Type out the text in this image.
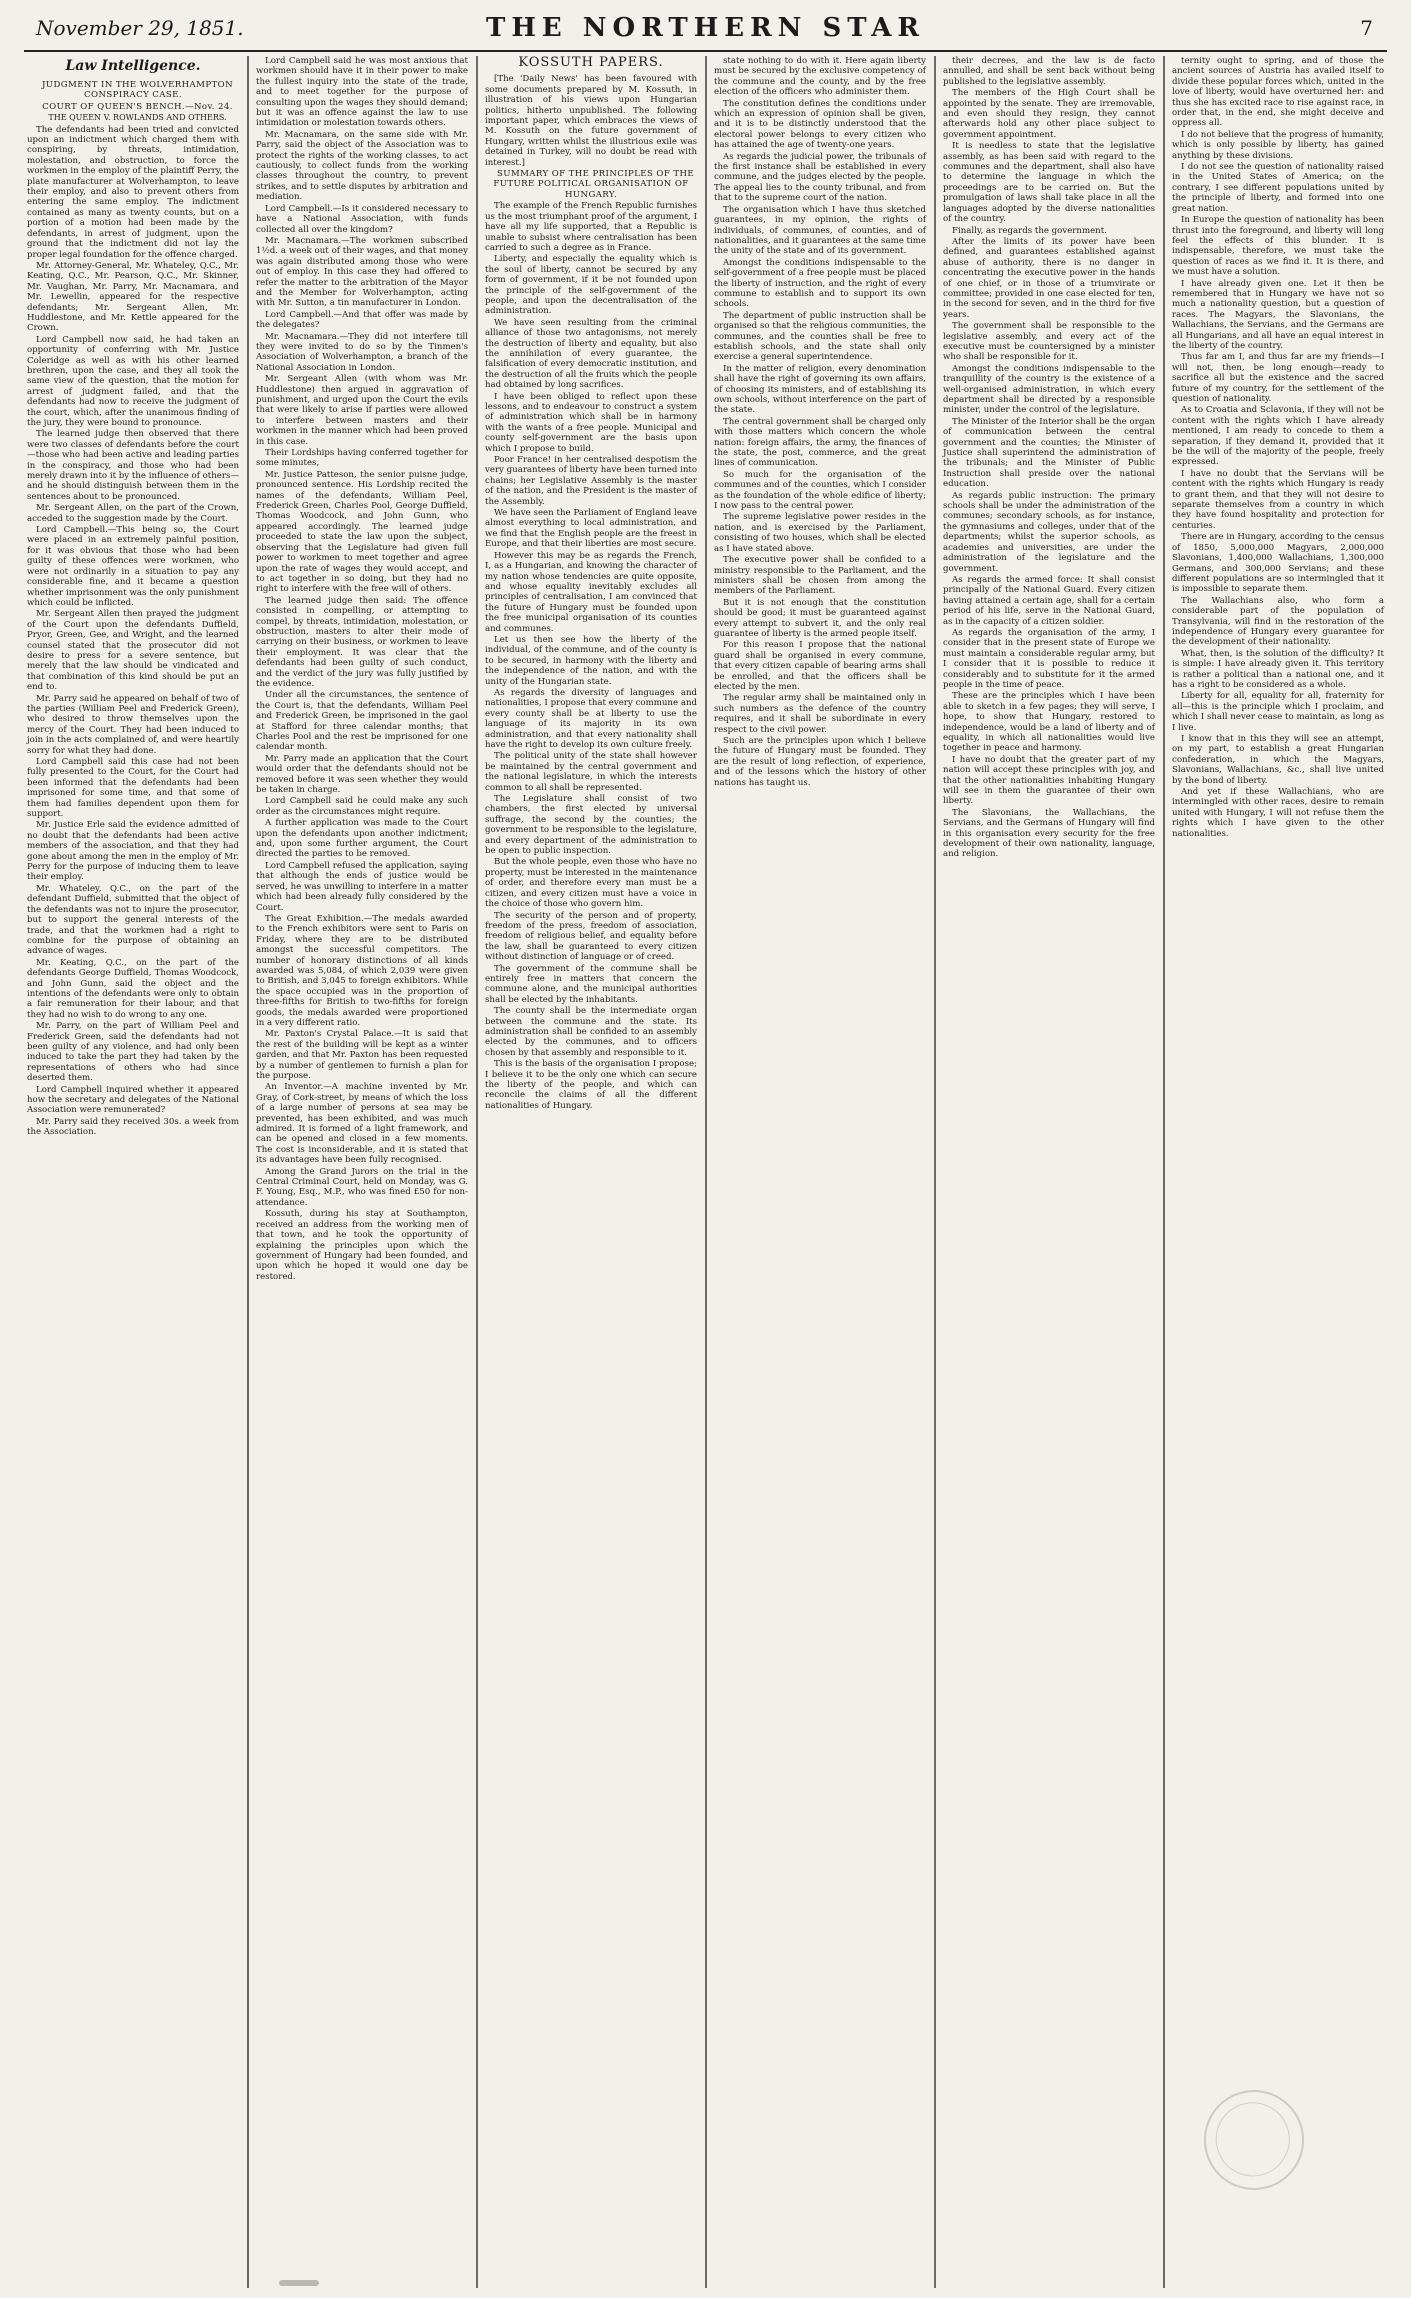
November 29, 1851.	THE NORTHERN STAR	7
Law Intelligence.

JUDGMENT IN THE WOLVERHAMPTON CONSPIRACY CASE.

COURT OF QUEEN'S BENCH.—Nov. 24.

THE QUEEN V. ROWLANDS AND OTHERS.

The defendants had been tried and convicted upon an indictment which charged them with conspiring, by threats, intimidation, molestation, and obstruction, to force the workmen in the employ of the plaintiff Perry, the plate manufacturer at Wolverhampton, to leave their employ, and also to prevent others from entering the same employ. The indictment contained as many as twenty counts, but on a portion of a motion had been made by the defendants, in arrest of judgment, upon the ground that the indictment did not lay the proper legal foundation for the offence charged.

Mr. Attorney-General, Mr. Whateley, Q.C., Mr. Keating, Q.C., Mr. Pearson, Q.C., Mr. Skinner, Mr. Vaughan, Mr. Parry, Mr. Macnamara, and Mr. Lewellin, appeared for the respective defendants; Mr. Sergeant Allen, Mr. Huddlestone, and Mr. Kettle appeared for the Crown.

Lord Campbell now said, he had taken an opportunity of conferring with Mr. Justice Coleridge as well as with his other learned brethren, upon the case, and they all took the same view of the question, that the motion for arrest of judgment failed, and that the defendants had now to receive the judgment of the court, which, after the unanimous finding of the jury, they were bound to pronounce.

The learned judge then observed that there were two classes of defendants before the court—those who had been active and leading parties in the conspiracy, and those who had been merely drawn into it by the influence of others—and he should distinguish between them in the sentences about to be pronounced.

Mr. Sergeant Allen, on the part of the Crown, acceded to the suggestion made by the Court.

Lord Campbell.—This being so, the Court were placed in an extremely painful position, for it was obvious that those who had been guilty of these offences were workmen, who were not ordinarily in a situation to pay any considerable fine, and it became a question whether imprisonment was the only punishment which could be inflicted.

Mr. Sergeant Allen then prayed the judgment of the Court upon the defendants Duffield, Pryor, Green, Gee, and Wright, and the learned counsel stated that the prosecutor did not desire to press for a severe sentence, but merely that the law should be vindicated and that combination of this kind should be put an end to.

Mr. Parry said he appeared on behalf of two of the parties (William Peel and Frederick Green), who desired to throw themselves upon the mercy of the Court. They had been induced to join in the acts complained of, and were heartily sorry for what they had done.

Lord Campbell said this case had not been fully presented to the Court, for the Court had been informed that the defendants had been imprisoned for some time, and that some of them had families dependent upon them for support.

Mr. Justice Erle said the evidence admitted of no doubt that the defendants had been active members of the association, and that they had gone about among the men in the employ of Mr. Perry for the purpose of inducing them to leave their employ.

Mr. Whateley, Q.C., on the part of the defendant Duffield, submitted that the object of the defendants was not to injure the prosecutor, but to support the general interests of the trade, and that the workmen had a right to combine for the purpose of obtaining an advance of wages.

Mr. Keating, Q.C., on the part of the defendants George Duffield, Thomas Woodcock, and John Gunn, said the object and the intentions of the defendants were only to obtain a fair remuneration for their labour, and that they had no wish to do wrong to any one.

Mr. Parry, on the part of William Peel and Frederick Green, said the defendants had not been guilty of any violence, and had only been induced to take the part they had taken by the representations of others who had since deserted them.

Lord Campbell inquired whether it appeared how the secretary and delegates of the National Association were remunerated?

Mr. Parry said they received 30s. a week from the Association.

Lord Campbell said he was most anxious that workmen should have it in their power to make the fullest inquiry into the state of the trade, and to meet together for the purpose of consulting upon the wages they should demand; but it was an offence against the law to use intimidation or molestation towards others.

Mr. Macnamara, on the same side with Mr. Parry, said the object of the Association was to protect the rights of the working classes, to act cautiously, to collect funds from the working classes throughout the country, to prevent strikes, and to settle disputes by arbitration and mediation.

Lord Campbell.—Is it considered necessary to have a National Association, with funds collected all over the kingdom?

Mr. Macnamara.—The workmen subscribed 1½d. a week out of their wages, and that money was again distributed among those who were out of employ. In this case they had offered to refer the matter to the arbitration of the Mayor and the Member for Wolverhampton, acting with Mr. Sutton, a tin manufacturer in London.

Lord Campbell.—And that offer was made by the delegates?

Mr. Macnamara.—They did not interfere till they were invited to do so by the Tinmen's Association of Wolverhampton, a branch of the National Association in London.

Mr. Sergeant Allen (with whom was Mr. Huddlestone) then argued in aggravation of punishment, and urged upon the Court the evils that were likely to arise if parties were allowed to interfere between masters and their workmen in the manner which had been proved in this case.

Their Lordships having conferred together for some minutes,

Mr. Justice Patteson, the senior puisne judge, pronounced sentence. His Lordship recited the names of the defendants, William Peel, Frederick Green, Charles Pool, George Duffield, Thomas Woodcock, and John Gunn, who appeared accordingly. The learned judge proceeded to state the law upon the subject, observing that the Legislature had given full power to workmen to meet together and agree upon the rate of wages they would accept, and to act together in so doing, but they had no right to interfere with the free will of others.

The learned judge then said: The offence consisted in compelling, or attempting to compel, by threats, intimidation, molestation, or obstruction, masters to alter their mode of carrying on their business, or workmen to leave their employment. It was clear that the defendants had been guilty of such conduct, and the verdict of the jury was fully justified by the evidence.

Under all the circumstances, the sentence of the Court is, that the defendants, William Peel and Frederick Green, be imprisoned in the gaol at Stafford for three calendar months; that Charles Pool and the rest be imprisoned for one calendar month.

Mr. Parry made an application that the Court would order that the defendants should not be removed before it was seen whether they would be taken in charge.

Lord Campbell said he could make any such order as the circumstances might require.

A further application was made to the Court upon the defendants upon another indictment; and, upon some further argument, the Court directed the parties to be removed.

Lord Campbell refused the application, saying that although the ends of justice would be served, he was unwilling to interfere in a matter which had been already fully considered by the Court.

The Great Exhibition.—The medals awarded to the French exhibitors were sent to Paris on Friday, where they are to be distributed amongst the successful competitors. The number of honorary distinctions of all kinds awarded was 5,084, of which 2,039 were given to British, and 3,045 to foreign exhibitors. While the space occupied was in the proportion of three-fifths for British to two-fifths for foreign goods, the medals awarded were proportioned in a very different ratio.

Mr. Paxton's Crystal Palace.—It is said that the rest of the building will be kept as a winter garden, and that Mr. Paxton has been requested by a number of gentlemen to furnish a plan for the purpose.

An Inventor.—A machine invented by Mr. Gray, of Cork-street, by means of which the loss of a large number of persons at sea may be prevented, has been exhibited, and was much admired. It is formed of a light framework, and can be opened and closed in a few moments. The cost is inconsiderable, and it is stated that its advantages have been fully recognised.

Among the Grand Jurors on the trial in the Central Criminal Court, held on Monday, was G. F. Young, Esq., M.P., who was fined £50 for non-attendance.

Kossuth, during his stay at Southampton, received an address from the working men of that town, and he took the opportunity of explaining the principles upon which the government of Hungary had been founded, and upon which he hoped it would one day be restored.

KOSSUTH PAPERS.

[The 'Daily News' has been favoured with some documents prepared by M. Kossuth, in illustration of his views upon Hungarian politics, hitherto unpublished. The following important paper, which embraces the views of M. Kossuth on the future government of Hungary, written whilst the illustrious exile was detained in Turkey, will no doubt be read with interest.]

SUMMARY OF THE PRINCIPLES OF THE FUTURE POLITICAL ORGANISATION OF HUNGARY.

The example of the French Republic furnishes us the most triumphant proof of the argument, I have all my life supported, that a Republic is unable to subsist where centralisation has been carried to such a degree as in France.

Liberty, and especially the equality which is the soul of liberty, cannot be secured by any form of government, if it be not founded upon the principle of the self-government of the people, and upon the decentralisation of the administration.

We have seen resulting from the criminal alliance of those two antagonisms, not merely the destruction of liberty and equality, but also the annihilation of every guarantee, the falsification of every democratic institution, and the destruction of all the fruits which the people had obtained by long sacrifices.

I have been obliged to reflect upon these lessons, and to endeavour to construct a system of administration which shall be in harmony with the wants of a free people. Municipal and county self-government are the basis upon which I propose to build.

Poor France! in her centralised despotism the very guarantees of liberty have been turned into chains; her Legislative Assembly is the master of the nation, and the President is the master of the Assembly.

We have seen the Parliament of England leave almost everything to local administration, and we find that the English people are the freest in Europe, and that their liberties are most secure.

However this may be as regards the French, I, as a Hungarian, and knowing the character of my nation whose tendencies are quite opposite, and whose equality inevitably excludes all principles of centralisation, I am convinced that the future of Hungary must be founded upon the free municipal organisation of its counties and communes.

Let us then see how the liberty of the individual, of the commune, and of the county is to be secured, in harmony with the liberty and the independence of the nation, and with the unity of the Hungarian state.

As regards the diversity of languages and nationalities, I propose that every commune and every county shall be at liberty to use the language of its majority in its own administration, and that every nationality shall have the right to develop its own culture freely.

The political unity of the state shall however be maintained by the central government and the national legislature, in which the interests common to all shall be represented.

The Legislature shall consist of two chambers, the first elected by universal suffrage, the second by the counties; the government to be responsible to the legislature, and every department of the administration to be open to public inspection.

But the whole people, even those who have no property, must be interested in the maintenance of order, and therefore every man must be a citizen, and every citizen must have a voice in the choice of those who govern him.

The security of the person and of property, freedom of the press, freedom of association, freedom of religious belief, and equality before the law, shall be guaranteed to every citizen without distinction of language or of creed.

The government of the commune shall be entirely free in matters that concern the commune alone, and the municipal authorities shall be elected by the inhabitants.

The county shall be the intermediate organ between the commune and the state. Its administration shall be confided to an assembly elected by the communes, and to officers chosen by that assembly and responsible to it.

This is the basis of the organisation I propose; I believe it to be the only one which can secure the liberty of the people, and which can reconcile the claims of all the different nationalities of Hungary.

state nothing to do with it. Here again liberty must be secured by the exclusive competency of the commune and the county, and by the free election of the officers who administer them.

The constitution defines the conditions under which an expression of opinion shall be given, and it is to be distinctly understood that the electoral power belongs to every citizen who has attained the age of twenty-one years.

As regards the judicial power, the tribunals of the first instance shall be established in every commune, and the judges elected by the people. The appeal lies to the county tribunal, and from that to the supreme court of the nation.

The organisation which I have thus sketched guarantees, in my opinion, the rights of individuals, of communes, of counties, and of nationalities, and it guarantees at the same time the unity of the state and of its government.

Amongst the conditions indispensable to the self-government of a free people must be placed the liberty of instruction, and the right of every commune to establish and to support its own schools.

The department of public instruction shall be organised so that the religious communities, the communes, and the counties shall be free to establish schools, and the state shall only exercise a general superintendence.

In the matter of religion, every denomination shall have the right of governing its own affairs, of choosing its ministers, and of establishing its own schools, without interference on the part of the state.

The central government shall be charged only with those matters which concern the whole nation: foreign affairs, the army, the finances of the state, the post, commerce, and the great lines of communication.

So much for the organisation of the communes and of the counties, which I consider as the foundation of the whole edifice of liberty; I now pass to the central power.

The supreme legislative power resides in the nation, and is exercised by the Parliament, consisting of two houses, which shall be elected as I have stated above.

The executive power shall be confided to a ministry responsible to the Parliament, and the ministers shall be chosen from among the members of the Parliament.

But it is not enough that the constitution should be good; it must be guaranteed against every attempt to subvert it, and the only real guarantee of liberty is the armed people itself.

For this reason I propose that the national guard shall be organised in every commune, that every citizen capable of bearing arms shall be enrolled, and that the officers shall be elected by the men.

The regular army shall be maintained only in such numbers as the defence of the country requires, and it shall be subordinate in every respect to the civil power.

Such are the principles upon which I believe the future of Hungary must be founded. They are the result of long reflection, of experience, and of the lessons which the history of other nations has taught us.

their decrees, and the law is de facto annulled, and shall be sent back without being published to the legislative assembly.

The members of the High Court shall be appointed by the senate. They are irremovable, and even should they resign, they cannot afterwards hold any other place subject to government appointment.

It is needless to state that the legislative assembly, as has been said with regard to the communes and the department, shall also have to determine the language in which the proceedings are to be carried on. But the promulgation of laws shall take place in all the languages adopted by the diverse nationalities of the country.

Finally, as regards the government.

After the limits of its power have been defined, and guarantees established against abuse of authority, there is no danger in concentrating the executive power in the hands of one chief, or in those of a triumvirate or committee; provided in one case elected for ten, in the second for seven, and in the third for five years.

The government shall be responsible to the legislative assembly, and every act of the executive must be countersigned by a minister who shall be responsible for it.

Amongst the conditions indispensable to the tranquillity of the country is the existence of a well-organised administration, in which every department shall be directed by a responsible minister, under the control of the legislature.

The Minister of the Interior shall be the organ of communication between the central government and the counties; the Minister of Justice shall superintend the administration of the tribunals; and the Minister of Public Instruction shall preside over the national education.

As regards public instruction: The primary schools shall be under the administration of the communes; secondary schools, as for instance, the gymnasiums and colleges, under that of the departments; whilst the superior schools, as academies and universities, are under the administration of the legislature and the government.

As regards the armed force: It shall consist principally of the National Guard. Every citizen having attained a certain age, shall for a certain period of his life, serve in the National Guard, as in the capacity of a citizen soldier.

As regards the organisation of the army, I consider that in the present state of Europe we must maintain a considerable regular army, but I consider that it is possible to reduce it considerably and to substitute for it the armed people in the time of peace.

These are the principles which I have been able to sketch in a few pages; they will serve, I hope, to show that Hungary, restored to independence, would be a land of liberty and of equality, in which all nationalities would live together in peace and harmony.

I have no doubt that the greater part of my nation will accept these principles with joy, and that the other nationalities inhabiting Hungary will see in them the guarantee of their own liberty.

The Slavonians, the Wallachians, the Servians, and the Germans of Hungary will find in this organisation every security for the free development of their own nationality, language, and religion.

ternity ought to spring, and of those the ancient sources of Austria has availed itself to divide these popular forces which, united in the love of liberty, would have overturned her: and thus she has excited race to rise against race, in order that, in the end, she might deceive and oppress all.

I do not believe that the progress of humanity, which is only possible by liberty, has gained anything by these divisions.

I do not see the question of nationality raised in the United States of America; on the contrary, I see different populations united by the principle of liberty, and formed into one great nation.

In Europe the question of nationality has been thrust into the foreground, and liberty will long feel the effects of this blunder. It is indispensable, therefore, we must take the question of races as we find it. It is there, and we must have a solution.

I have already given one. Let it then be remembered that in Hungary we have not so much a nationality question, but a question of races. The Magyars, the Slavonians, the Wallachians, the Servians, and the Germans are all Hungarians, and all have an equal interest in the liberty of the country.

Thus far am I, and thus far are my friends—I will not, then, be long enough—ready to sacrifice all but the existence and the sacred future of my country, for the settlement of the question of nationality.

As to Croatia and Sclavonia, if they will not be content with the rights which I have already mentioned, I am ready to concede to them a separation, if they demand it, provided that it be the will of the majority of the people, freely expressed.

I have no doubt that the Servians will be content with the rights which Hungary is ready to grant them, and that they will not desire to separate themselves from a country in which they have found hospitality and protection for centuries.

There are in Hungary, according to the census of 1850, 5,000,000 Magyars, 2,000,000 Slavonians, 1,400,000 Wallachians, 1,300,000 Germans, and 300,000 Servians; and these different populations are so intermingled that it is impossible to separate them.

The Wallachians also, who form a considerable part of the population of Transylvania, will find in the restoration of the independence of Hungary every guarantee for the development of their nationality.

What, then, is the solution of the difficulty? It is simple: I have already given it. This territory is rather a political than a national one, and it has a right to be considered as a whole.

Liberty for all, equality for all, fraternity for all—this is the principle which I proclaim, and which I shall never cease to maintain, as long as I live.

I know that in this they will see an attempt, on my part, to establish a great Hungarian confederation, in which the Magyars, Slavonians, Wallachians, &c., shall live united by the bond of liberty.

And yet if these Wallachians, who are intermingled with other races, desire to remain united with Hungary, I will not refuse them the rights which I have given to the other nationalities.
